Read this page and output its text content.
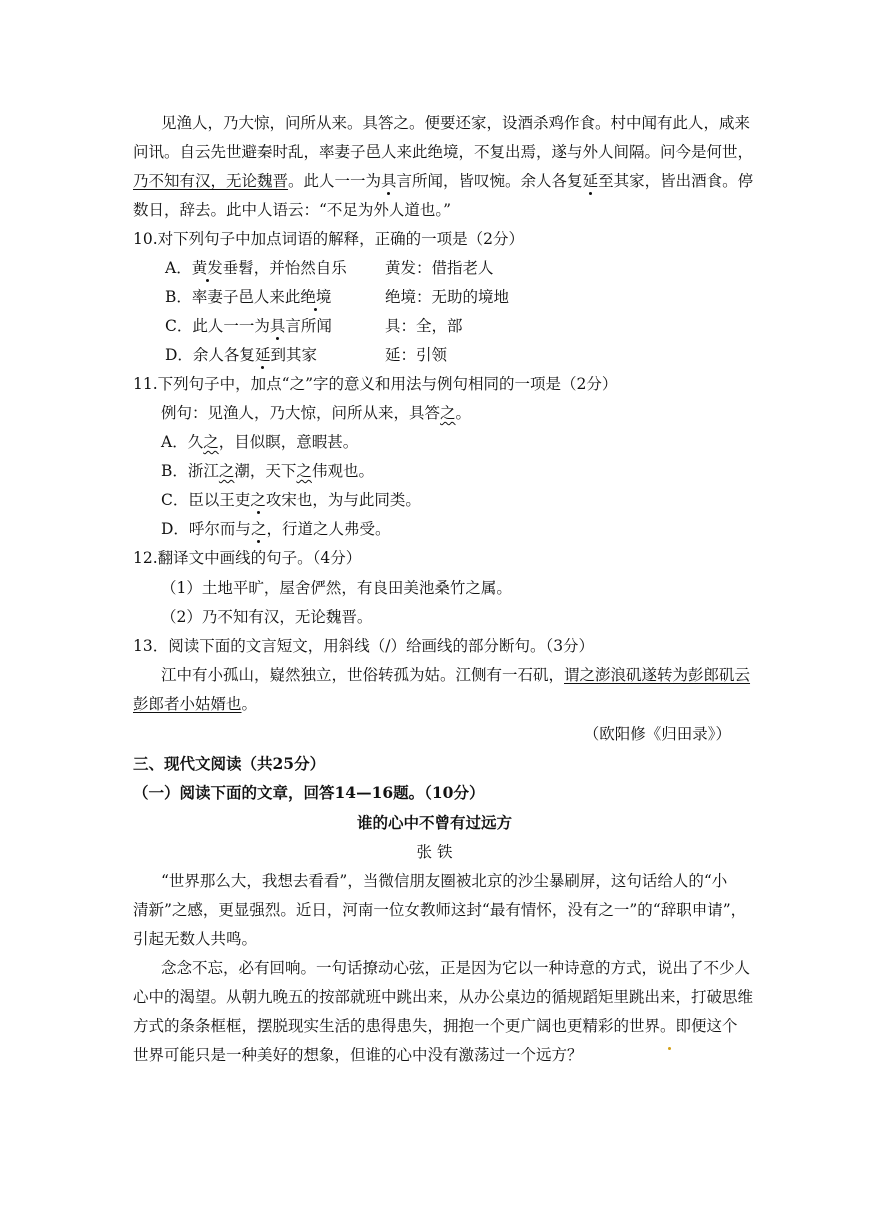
见渔人，乃大惊，问所从来。具答之。便要还家，设酒杀鸡作食。村中闻有此人，咸来
问讯。自云先世避秦时乱，率妻子邑人来此绝境，不复出焉，遂与外人间隔。问今是何世，
乃不知有汉，无论魏晋。此人一一为具言所闻，皆叹惋。余人各复延至其家，皆出酒食。停
数日，辞去。此中人语云：“不足为外人道也。”
10.对下列句子中加点词语的解释，正确的一项是（2分）
A．黄发垂髫，并怡然自乐 黄发：借指老人
B．率妻子邑人来此绝境	绝境：无助的境地
C．此人一一为具言所闻	具：全，部
D．余人各复延到其家	延：引领
11.下列句子中，加点“之”字的意义和用法与例句相同的一项是（2分）
例句：见渔人，乃大惊，问所从来，具答之。
A．久之，目似瞑，意暇甚。
B．浙江之潮，天下之伟观也。
C．臣以王吏之攻宋也，为与此同类。
D．呼尔而与之，行道之人弗受。
12.翻译文中画线的句子。（4分）
（1）土地平旷，屋舍俨然，有良田美池桑竹之属。
（2）乃不知有汉，无论魏晋。
13．阅读下面的文言短文，用斜线（/）给画线的部分断句。（3分）
江中有小孤山，嶷然独立，世俗转孤为姑。江侧有一石矶，谓之澎浪矶遂转为彭郎矶云
彭郎者小姑婿也。
（欧阳修《归田录》）
三、现代文阅读（共25分）
（一）阅读下面的文章，回答14—16题。（10分）
谁的心中不曾有过远方
张 铁
“世界那么大，我想去看看”，当微信朋友圈被北京的沙尘暴刷屏，这句话给人的“小
清新”之感，更显强烈。近日，河南一位女教师这封“最有情怀，没有之一”的“辞职申请”，
引起无数人共鸣。
念念不忘，必有回响。一句话撩动心弦，正是因为它以一种诗意的方式，说出了不少人
心中的渴望。从朝九晚五的按部就班中跳出来，从办公桌边的循规蹈矩里跳出来，打破思维
方式的条条框框，摆脱现实生活的患得患失，拥抱一个更广阔也更精彩的世界。即便这个
世界可能只是一种美好的想象，但谁的心中没有激荡过一个远方？
